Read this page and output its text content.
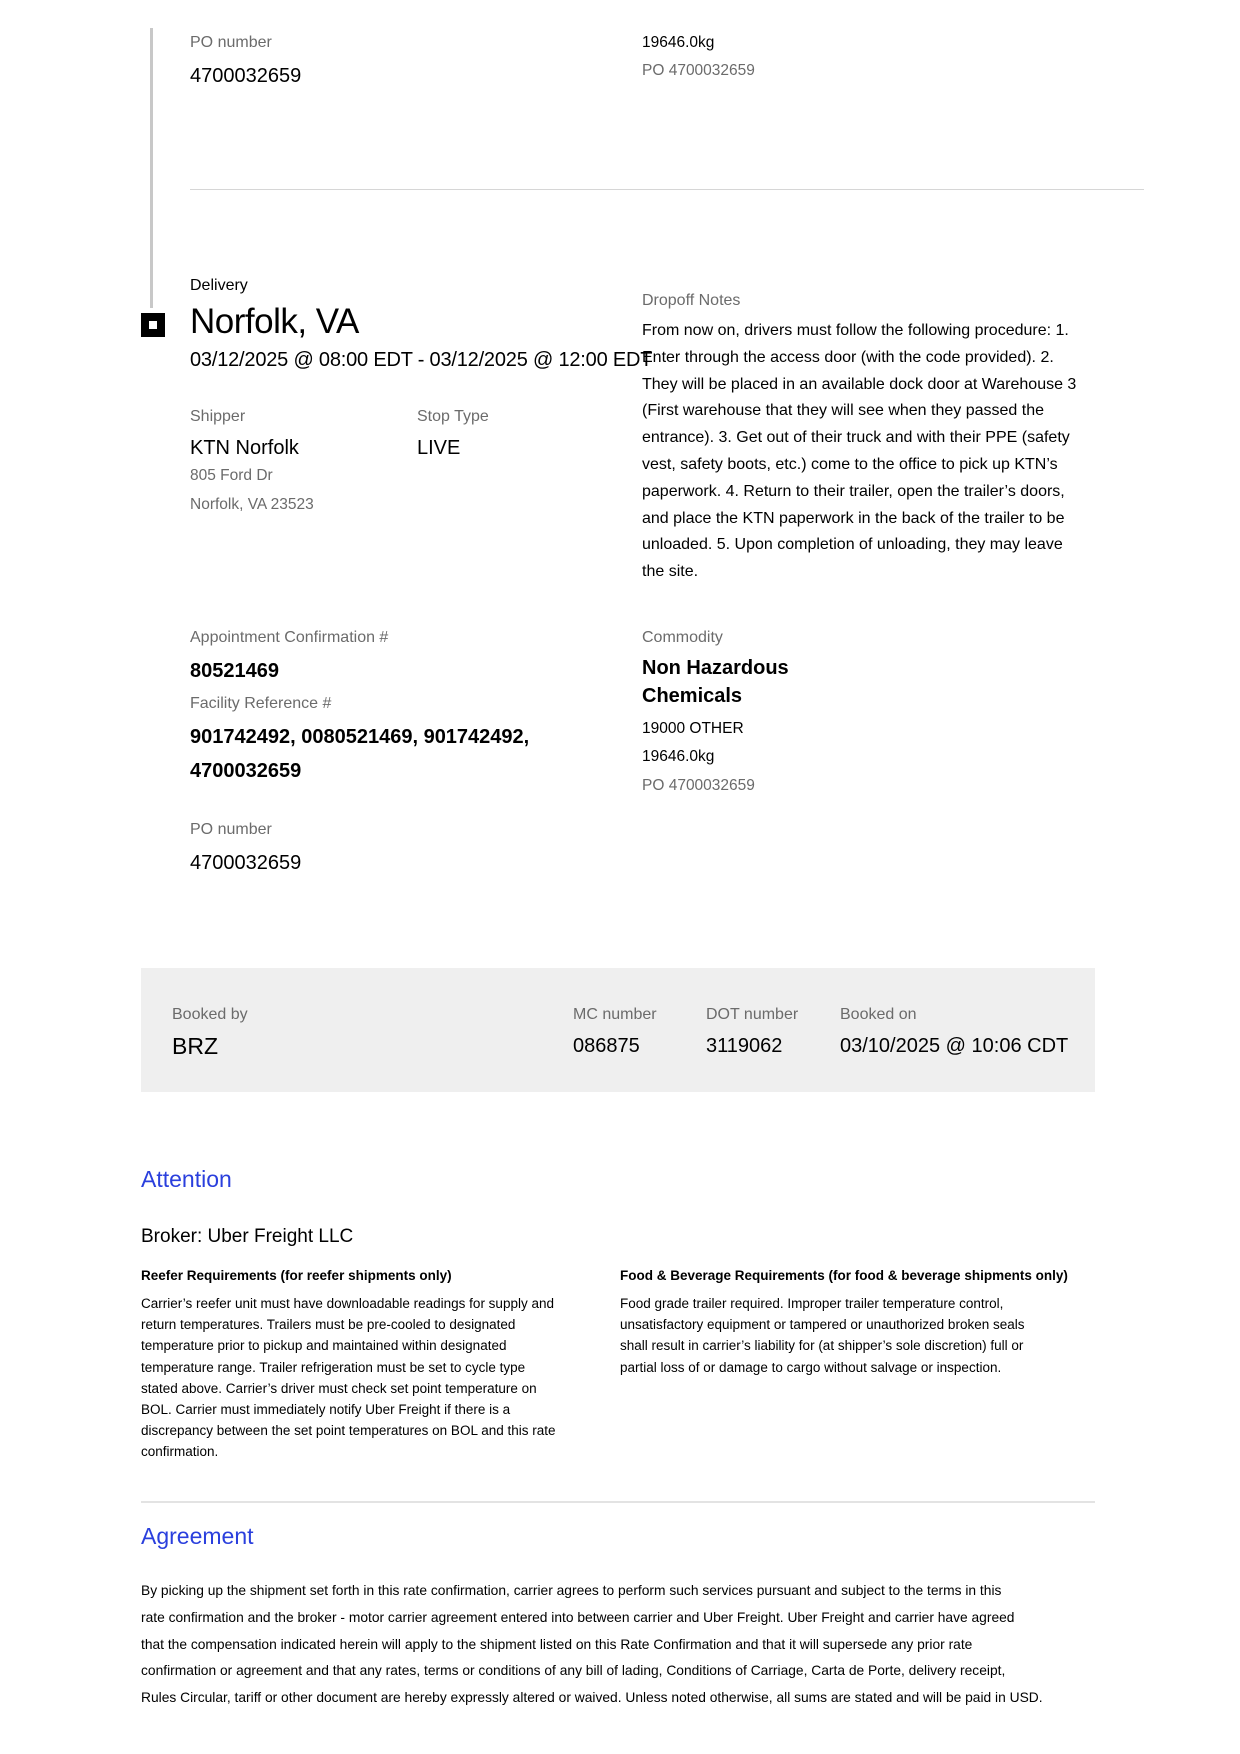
PO number
4700032659
19646.0kg
PO 4700032659
Delivery
Norfolk, VA
03/12/2025 @ 08:00 EDT - 03/12/2025 @ 12:00 EDT
Shipper
KTN Norfolk
805 Ford Dr
Norfolk, VA 23523
Stop Type
LIVE
Dropoff Notes
From now on, drivers must follow the following procedure: 1.
Enter through the access door (with the code provided). 2.
They will be placed in an available dock door at Warehouse 3
(First warehouse that they will see when they passed the
entrance). 3. Get out of their truck and with their PPE (safety
vest, safety boots, etc.) come to the office to pick up KTN’s
paperwork. 4. Return to their trailer, open the trailer’s doors,
and place the KTN paperwork in the back of the trailer to be
unloaded. 5. Upon completion of unloading, they may leave
the site.
Appointment Confirmation #
80521469
Facility Reference #
901742492, 0080521469, 901742492,
4700032659
PO number
4700032659
Commodity
Non Hazardous
Chemicals
19000 OTHER
19646.0kg
PO 4700032659
Booked by
BRZ
MC number
086875
DOT number
3119062
Booked on
03/10/2025 @ 10:06 CDT
Attention
Broker: Uber Freight LLC
Reefer Requirements (for reefer shipments only)
Carrier’s reefer unit must have downloadable readings for supply and
return temperatures. Trailers must be pre-cooled to designated
temperature prior to pickup and maintained within designated
temperature range. Trailer refrigeration must be set to cycle type
stated above. Carrier’s driver must check set point temperature on
BOL. Carrier must immediately notify Uber Freight if there is a
discrepancy between the set point temperatures on BOL and this rate
confirmation.
Food & Beverage Requirements (for food & beverage shipments only)
Food grade trailer required. Improper trailer temperature control,
unsatisfactory equipment or tampered or unauthorized broken seals
shall result in carrier’s liability for (at shipper’s sole discretion) full or
partial loss of or damage to cargo without salvage or inspection.
Agreement
By picking up the shipment set forth in this rate confirmation, carrier agrees to perform such services pursuant and subject to the terms in this
rate confirmation and the broker - motor carrier agreement entered into between carrier and Uber Freight. Uber Freight and carrier have agreed
that the compensation indicated herein will apply to the shipment listed on this Rate Confirmation and that it will supersede any prior rate
confirmation or agreement and that any rates, terms or conditions of any bill of lading, Conditions of Carriage, Carta de Porte, delivery receipt,
Rules Circular, tariff or other document are hereby expressly altered or waived. Unless noted otherwise, all sums are stated and will be paid in USD.
